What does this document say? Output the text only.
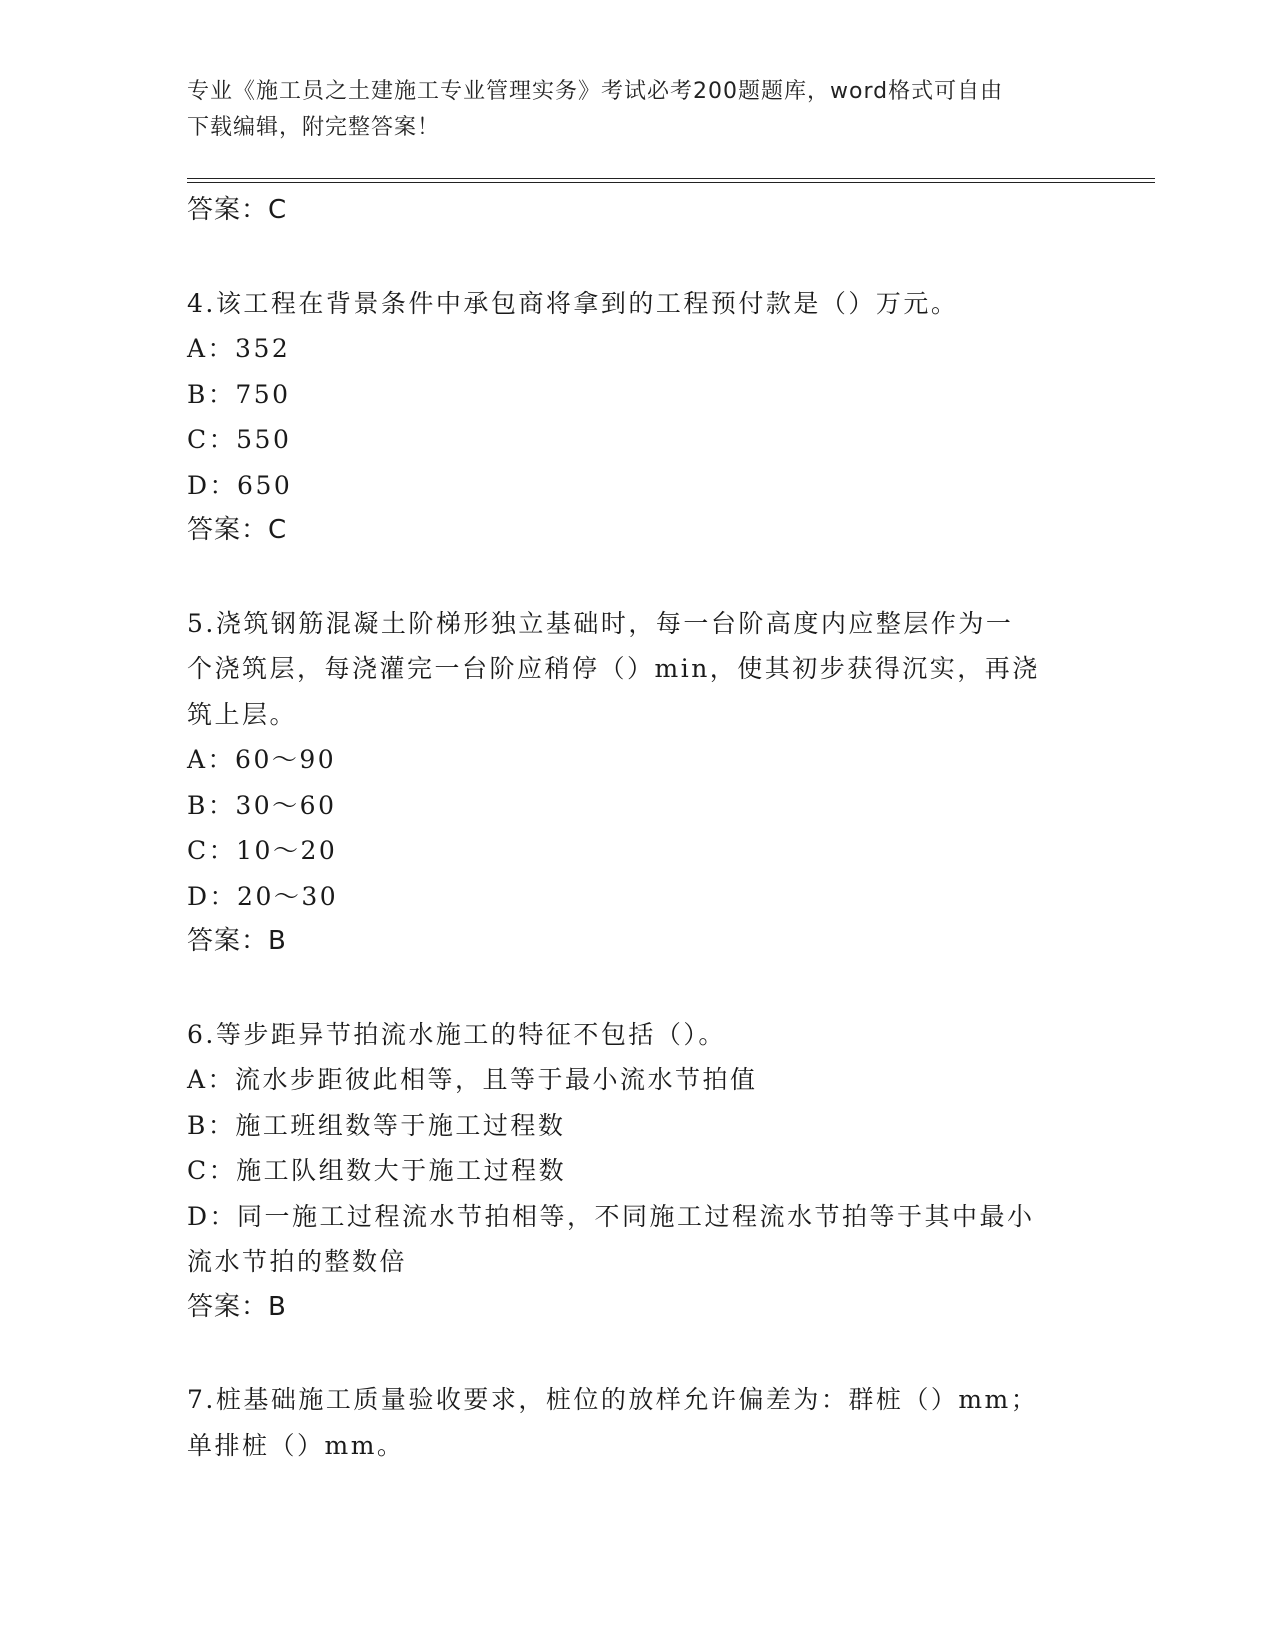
专业《施工员之土建施工专业管理实务》考试必考200题题库，word格式可自由
下载编辑，附完整答案！
答案：C
4.该工程在背景条件中承包商将拿到的工程预付款是（）万元。
A：352
B：750
C：550
D：650
答案：C
5.浇筑钢筋混凝土阶梯形独立基础时，每一台阶高度内应整层作为一
个浇筑层，每浇灌完一台阶应稍停（）min，使其初步获得沉实，再浇
筑上层。
A：60～90
B：30～60
C：10～20
D：20～30
答案：B
6.等步距异节拍流水施工的特征不包括（）。
A：流水步距彼此相等，且等于最小流水节拍值
B：施工班组数等于施工过程数
C：施工队组数大于施工过程数
D：同一施工过程流水节拍相等，不同施工过程流水节拍等于其中最小
流水节拍的整数倍
答案：B
7.桩基础施工质量验收要求，桩位的放样允许偏差为：群桩（）mm；
单排桩（）mm。
